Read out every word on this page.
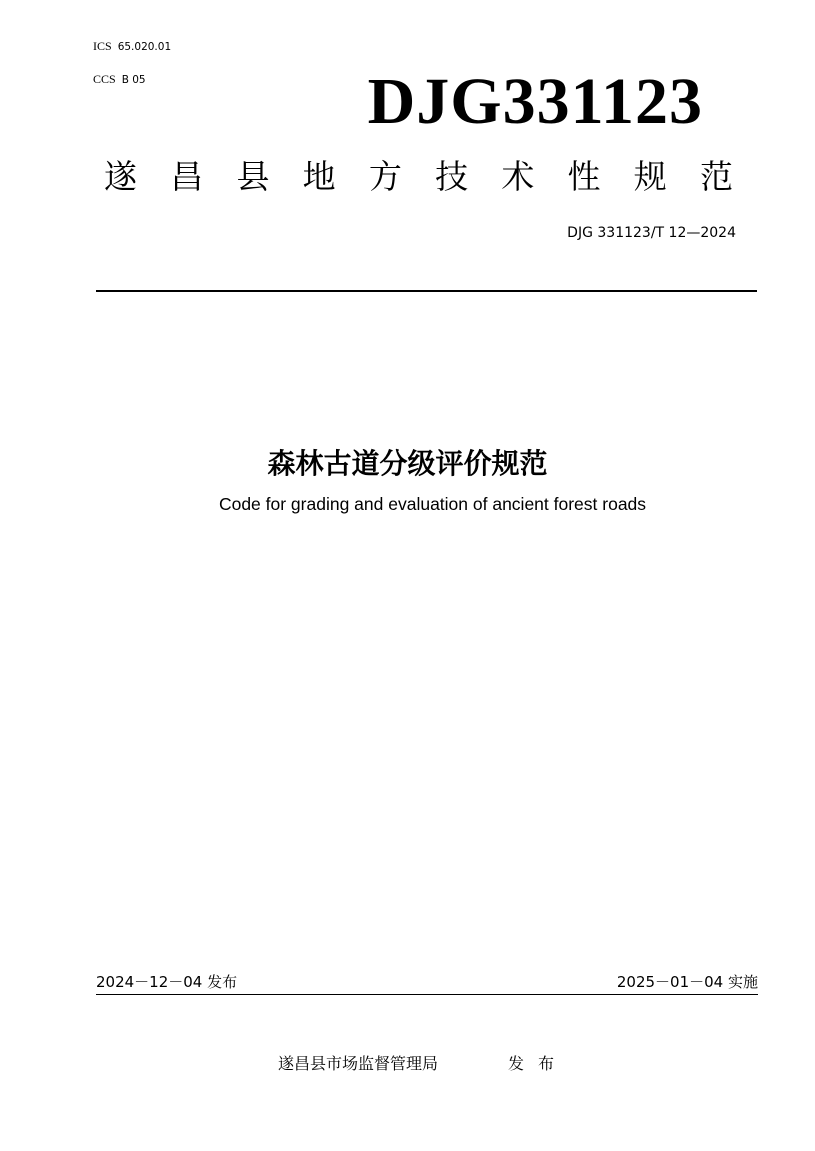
ICS 65.020.01
CCS B 05	DJG331123
遂 昌 县 地 方 技 术 性 规 范
DJG 331123/T 12—2024
森林古道分级评价规范
Code for grading and evaluation of ancient forest roads
2024－12－04 发布	2025－01－04 实施
遂昌县市场监督管理局	发布
